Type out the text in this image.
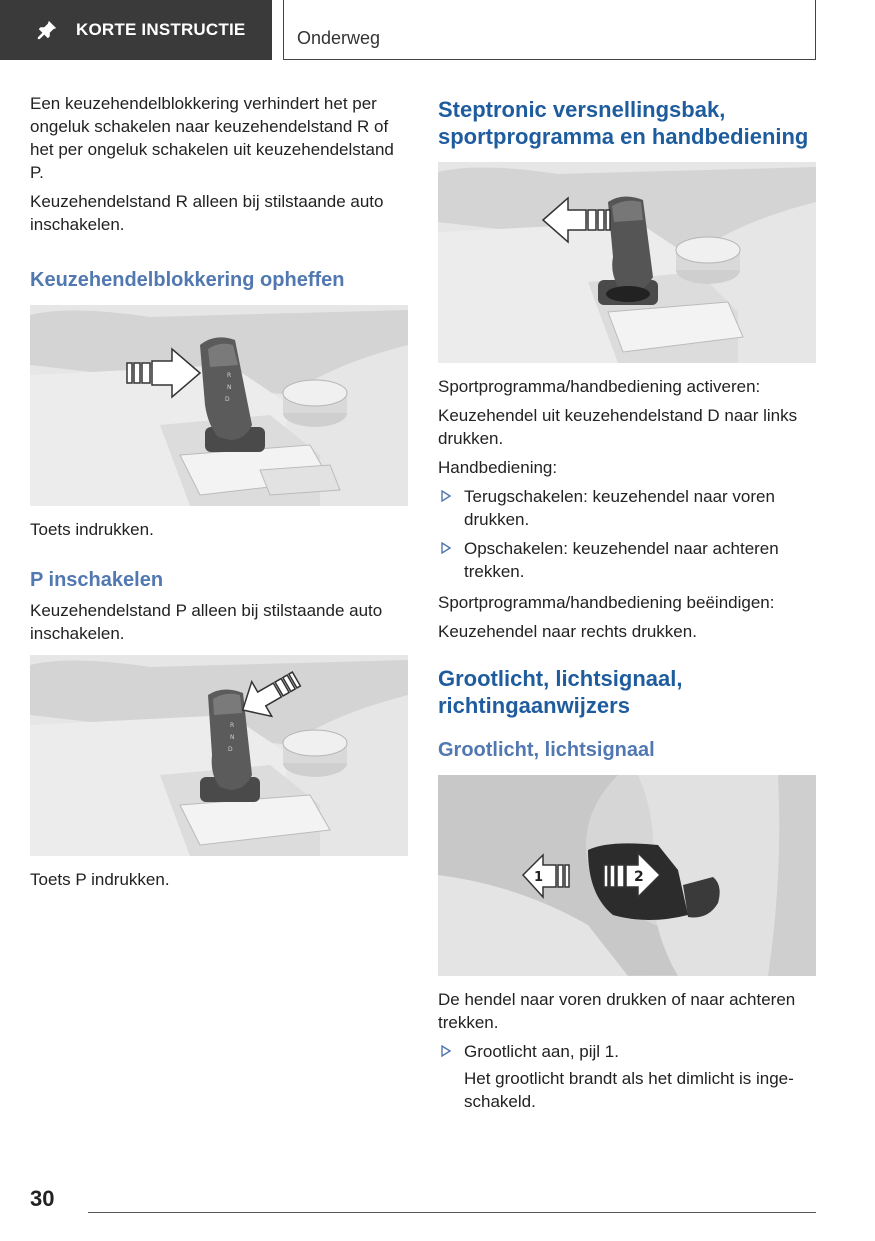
KORTE INSTRUCTIE	Onderweg

Een keuzehendelblokkering verhindert het per ongeluk schakelen naar keuzehendelstand R of het per ongeluk schakelen uit keuzehendelstand P.

Keuzehendelstand R alleen bij stilstaande auto inschakelen.

Keuzehendelblokkering opheffen
R
N
D

Toets indrukken.

P inschakelen

Keuzehendelstand P alleen bij stilstaande auto inschakelen.

R
N
D

Toets P indrukken.

Steptronic versnellingsbak, sportprogramma en handbediening

Sportprogramma/handbediening activeren:

Keuzehendel uit keuzehendelstand D naar links drukken.

Handbediening:

Terugschakelen: keuzehendel naar voren drukken.
Opschakelen: keuzehendel naar achteren trekken.

Sportprogramma/handbediening beëindigen:

Keuzehendel naar rechts drukken.

Grootlicht, lichtsignaal, richtingaanwijzers
Grootlicht, lichtsignaal
1	2

De hendel naar voren drukken of naar achteren trekken.

Grootlicht aan, pijl 1.

Het grootlicht brandt als het dimlicht is ingeschakeld.

30
